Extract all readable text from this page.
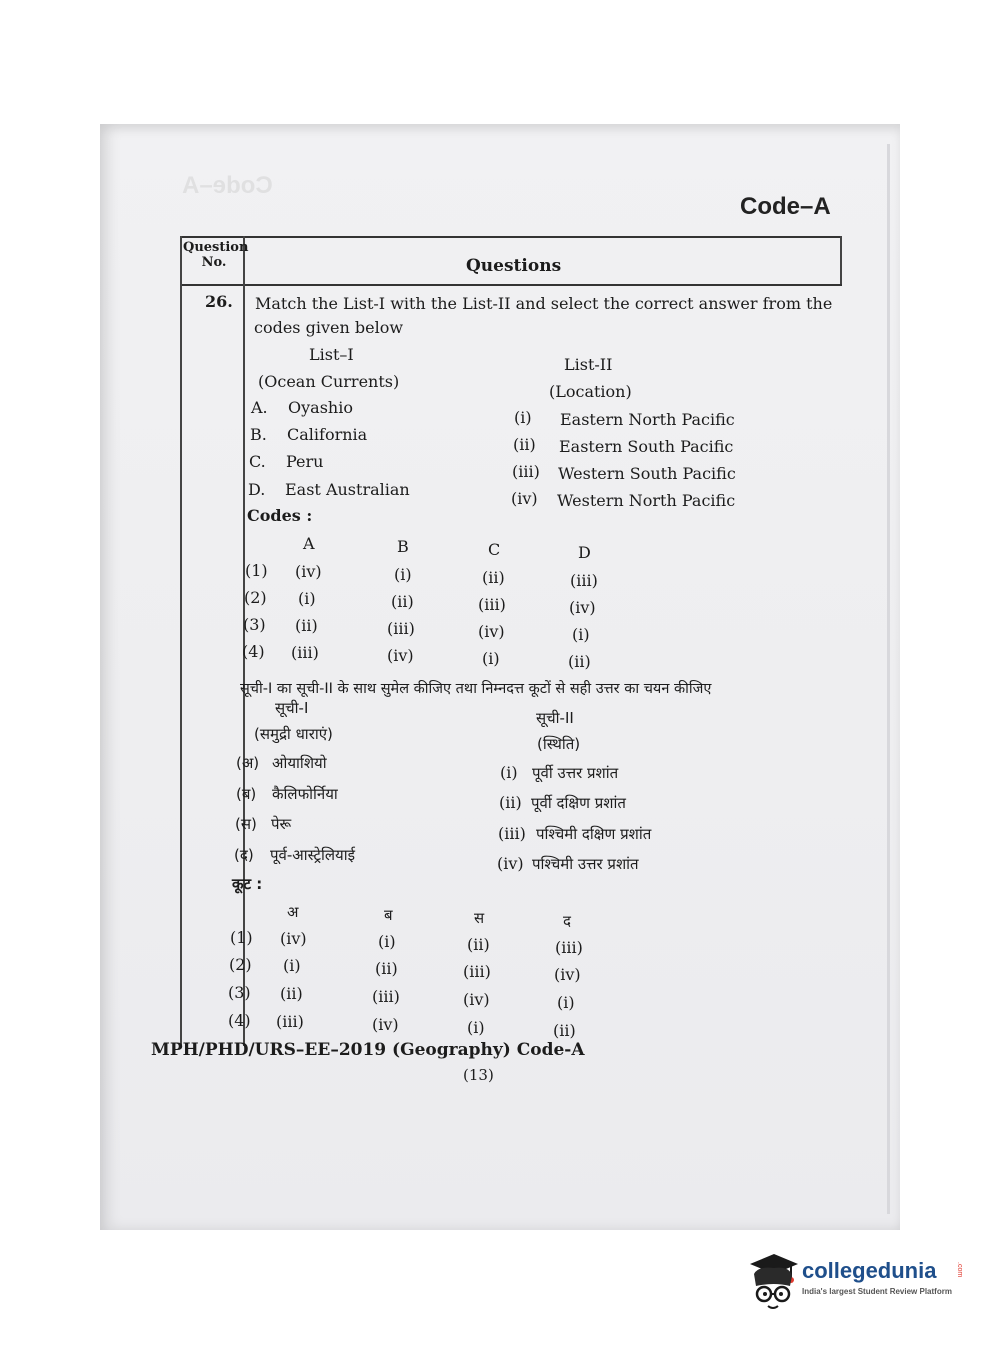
Code–A
Code–A
Question
No.	Questions
26. Match the List-I with the List-II and select the correct answer from the
codes given below
List–I
(Ocean Currents)
List-II
(Location)
A. Oyashio
B. California
C. Peru
D. East Australian
(i) Eastern North Pacific
(ii) Eastern South Pacific
(iii) Western South Pacific
(iv) Western North Pacific
Codes :
A	B	C	D
(1) (iv)	(i)	(ii)	(iii)
(2) (i)	(ii)	(iii)	(iv)
(3) (ii)	(iii)	(iv)	(i)
(4) (iii)	(iv)	(i)	(ii)
सूची-I का सूची-II के साथ सुमेल कीजिए तथा निम्नदत्त कूटों से सही उत्तर का चयन कीजिए
सूची-I
(समुद्री धाराएं)
सूची-II
(स्थिति)
(अ) ओयाशियो
(ब) कैलिफोर्निया
(स) पेरू
(द) पूर्व-आस्ट्रेलियाई
(i) पूर्वी उत्तर प्रशांत
(ii) पूर्वी दक्षिण प्रशांत
(iii) पश्चिमी दक्षिण प्रशांत
(iv) पश्चिमी उत्तर प्रशांत
कूट :
अ	ब	स	द
(1) (iv)	(i)	(ii)	(iii)
(2) (i)	(ii)	(iii)	(iv)
(3) (ii)	(iii)	(iv)	(i)
(4) (iii)	(iv)	(i)	(ii)
MPH/PHD/URS–EE–2019 (Geography) Code-A
(13)
collegedunia	.com
India's largest Student Review Platform
